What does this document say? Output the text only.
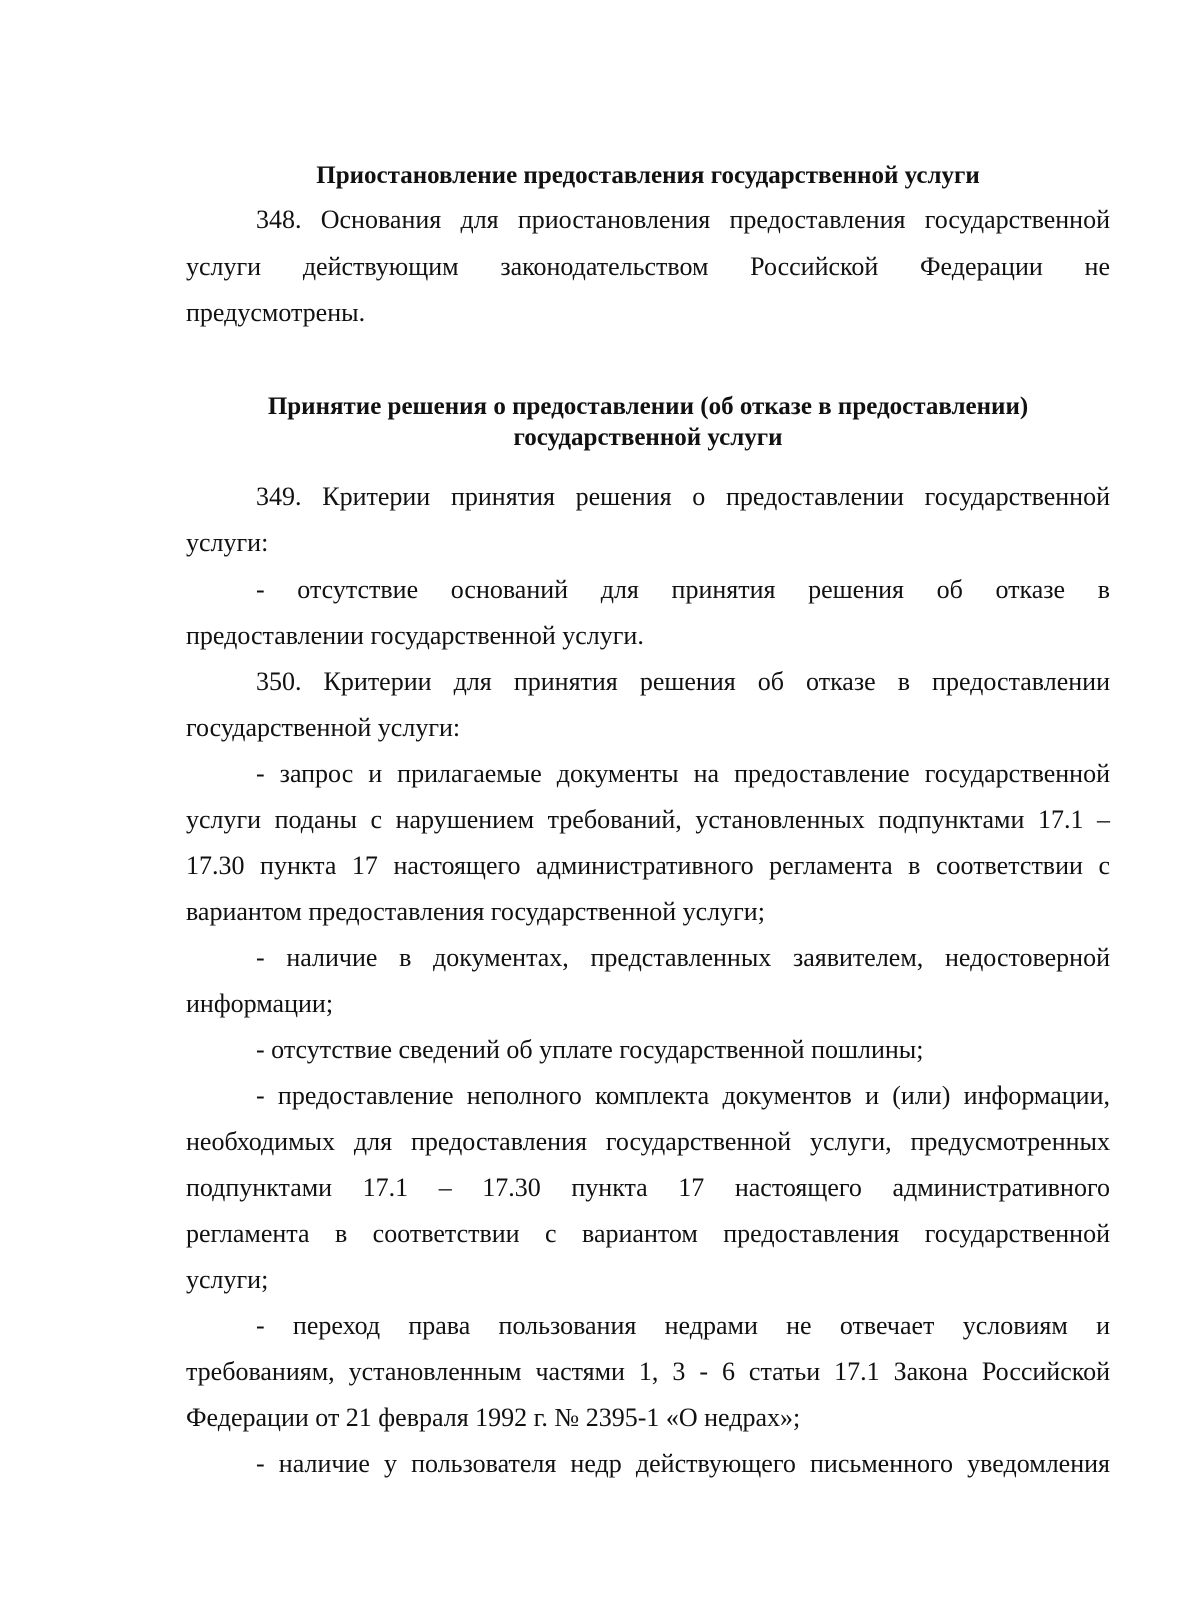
Приостановление предоставления государственной услуги
348. Основания для приостановления предоставления государственной
услуги действующим законодательством Российской Федерации не
предусмотрены.
Принятие решения о предоставлении (об отказе в предоставлении)
государственной услуги
349. Критерии принятия решения о предоставлении государственной
услуги:
- отсутствие оснований для принятия решения об отказе в
предоставлении государственной услуги.
350. Критерии для принятия решения об отказе в предоставлении
государственной услуги:
- запрос и прилагаемые документы на предоставление государственной
услуги поданы с нарушением требований, установленных подпунктами 17.1 –
17.30 пункта 17 настоящего административного регламента в соответствии с
вариантом предоставления государственной услуги;
- наличие в документах, представленных заявителем, недостоверной
информации;
- отсутствие сведений об уплате государственной пошлины;
- предоставление неполного комплекта документов и (или) информации,
необходимых для предоставления государственной услуги, предусмотренных
подпунктами 17.1 – 17.30 пункта 17 настоящего административного
регламента в соответствии с вариантом предоставления государственной
услуги;
- переход права пользования недрами не отвечает условиям и
требованиям, установленным частями 1, 3 - 6 статьи 17.1 Закона Российской
Федерации от 21 февраля 1992 г. № 2395-1 «О недрах»;
- наличие у пользователя недр действующего письменного уведомления
